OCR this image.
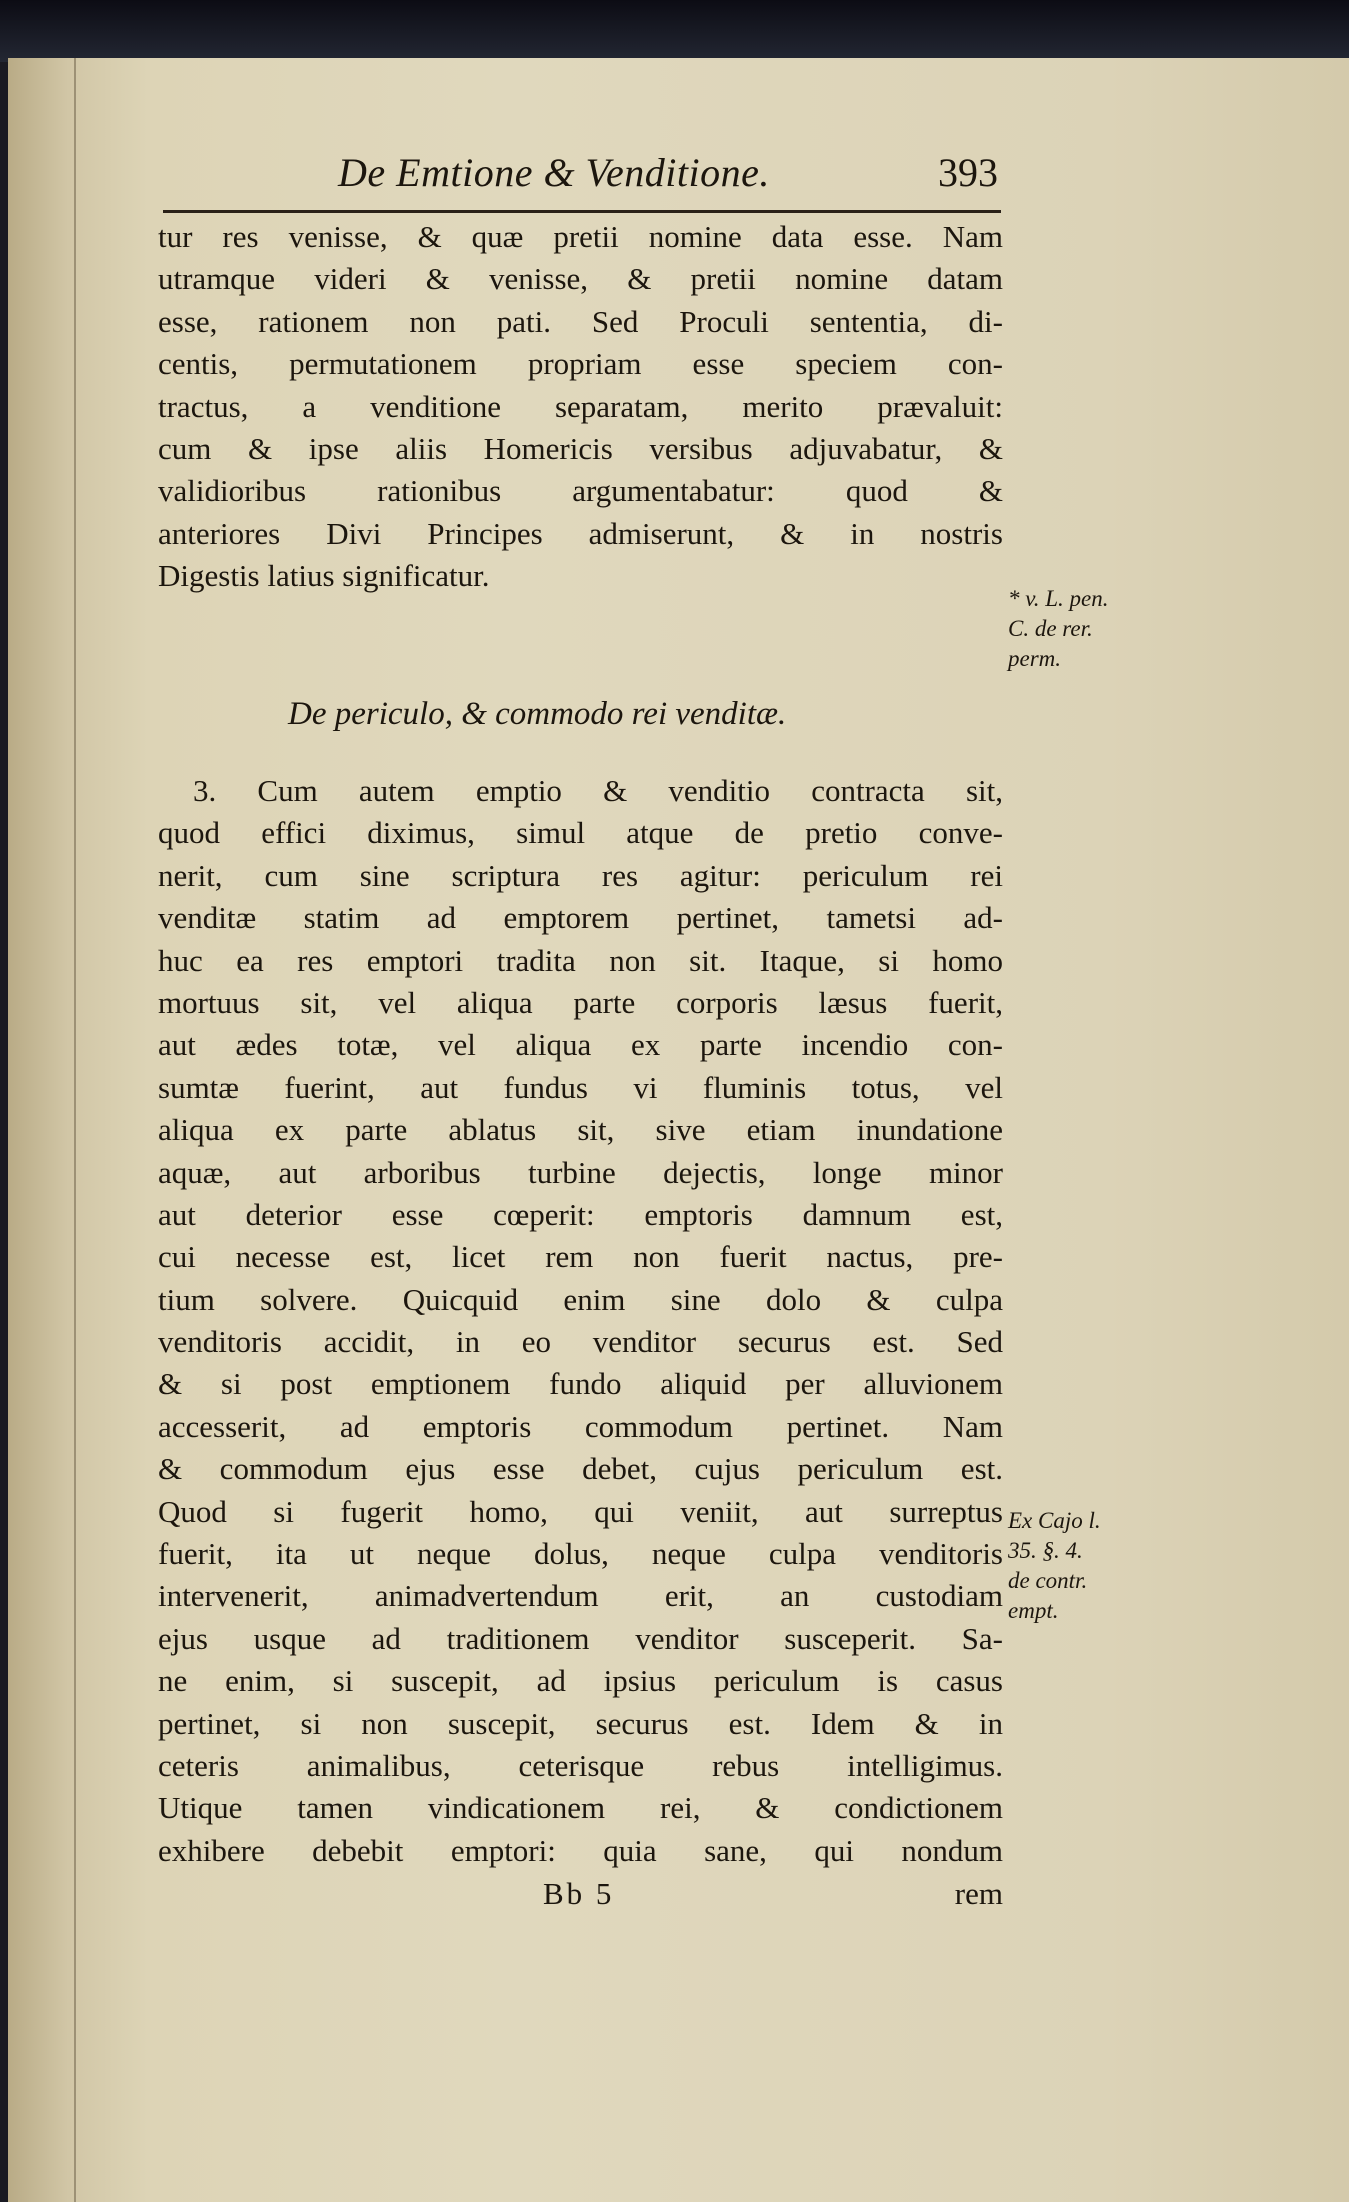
De Emtione & Venditione.	393
tur res venisse, & quæ pretii nomine data esse. Nam
utramque videri & venisse, & pretii nomine datam
esse, rationem non pati. Sed Proculi sententia, di-
centis, permutationem propriam esse speciem con-
tractus, a venditione separatam, merito prævaluit:
cum & ipse aliis Homericis versibus adjuvabatur, &
validioribus rationibus argumentabatur: quod &
anteriores Divi Principes admiserunt, & in nostris
Digestis latius significatur.
* v. L. pen.
C. de rer.
perm.
De periculo, & commodo rei venditæ.
3. Cum autem emptio & venditio contracta sit,
quod effici diximus, simul atque de pretio conve-
nerit, cum sine scriptura res agitur: periculum rei
venditæ statim ad emptorem pertinet, tametsi ad-
huc ea res emptori tradita non sit. Itaque, si homo
mortuus sit, vel aliqua parte corporis læsus fuerit,
aut ædes totæ, vel aliqua ex parte incendio con-
sumtæ fuerint, aut fundus vi fluminis totus, vel
aliqua ex parte ablatus sit, sive etiam inundatione
aquæ, aut arboribus turbine dejectis, longe minor
aut deterior esse cœperit: emptoris damnum est,
cui necesse est, licet rem non fuerit nactus, pre-
tium solvere. Quicquid enim sine dolo & culpa
venditoris accidit, in eo venditor securus est. Sed
& si post emptionem fundo aliquid per alluvionem
accesserit, ad emptoris commodum pertinet. Nam
& commodum ejus esse debet, cujus periculum est.
Quod si fugerit homo, qui veniit, aut surreptus
fuerit, ita ut neque dolus, neque culpa venditoris
intervenerit, animadvertendum erit, an custodiam
ejus usque ad traditionem venditor susceperit. Sa-
ne enim, si suscepit, ad ipsius periculum is casus
pertinet, si non suscepit, securus est. Idem & in
ceteris animalibus, ceterisque rebus intelligimus.
Utique tamen vindicationem rei, & condictionem
exhibere debebit emptori: quia sane, qui nondum
Ex Cajo l.
35. §. 4.
de contr.
empt.
Bb 5	rem
